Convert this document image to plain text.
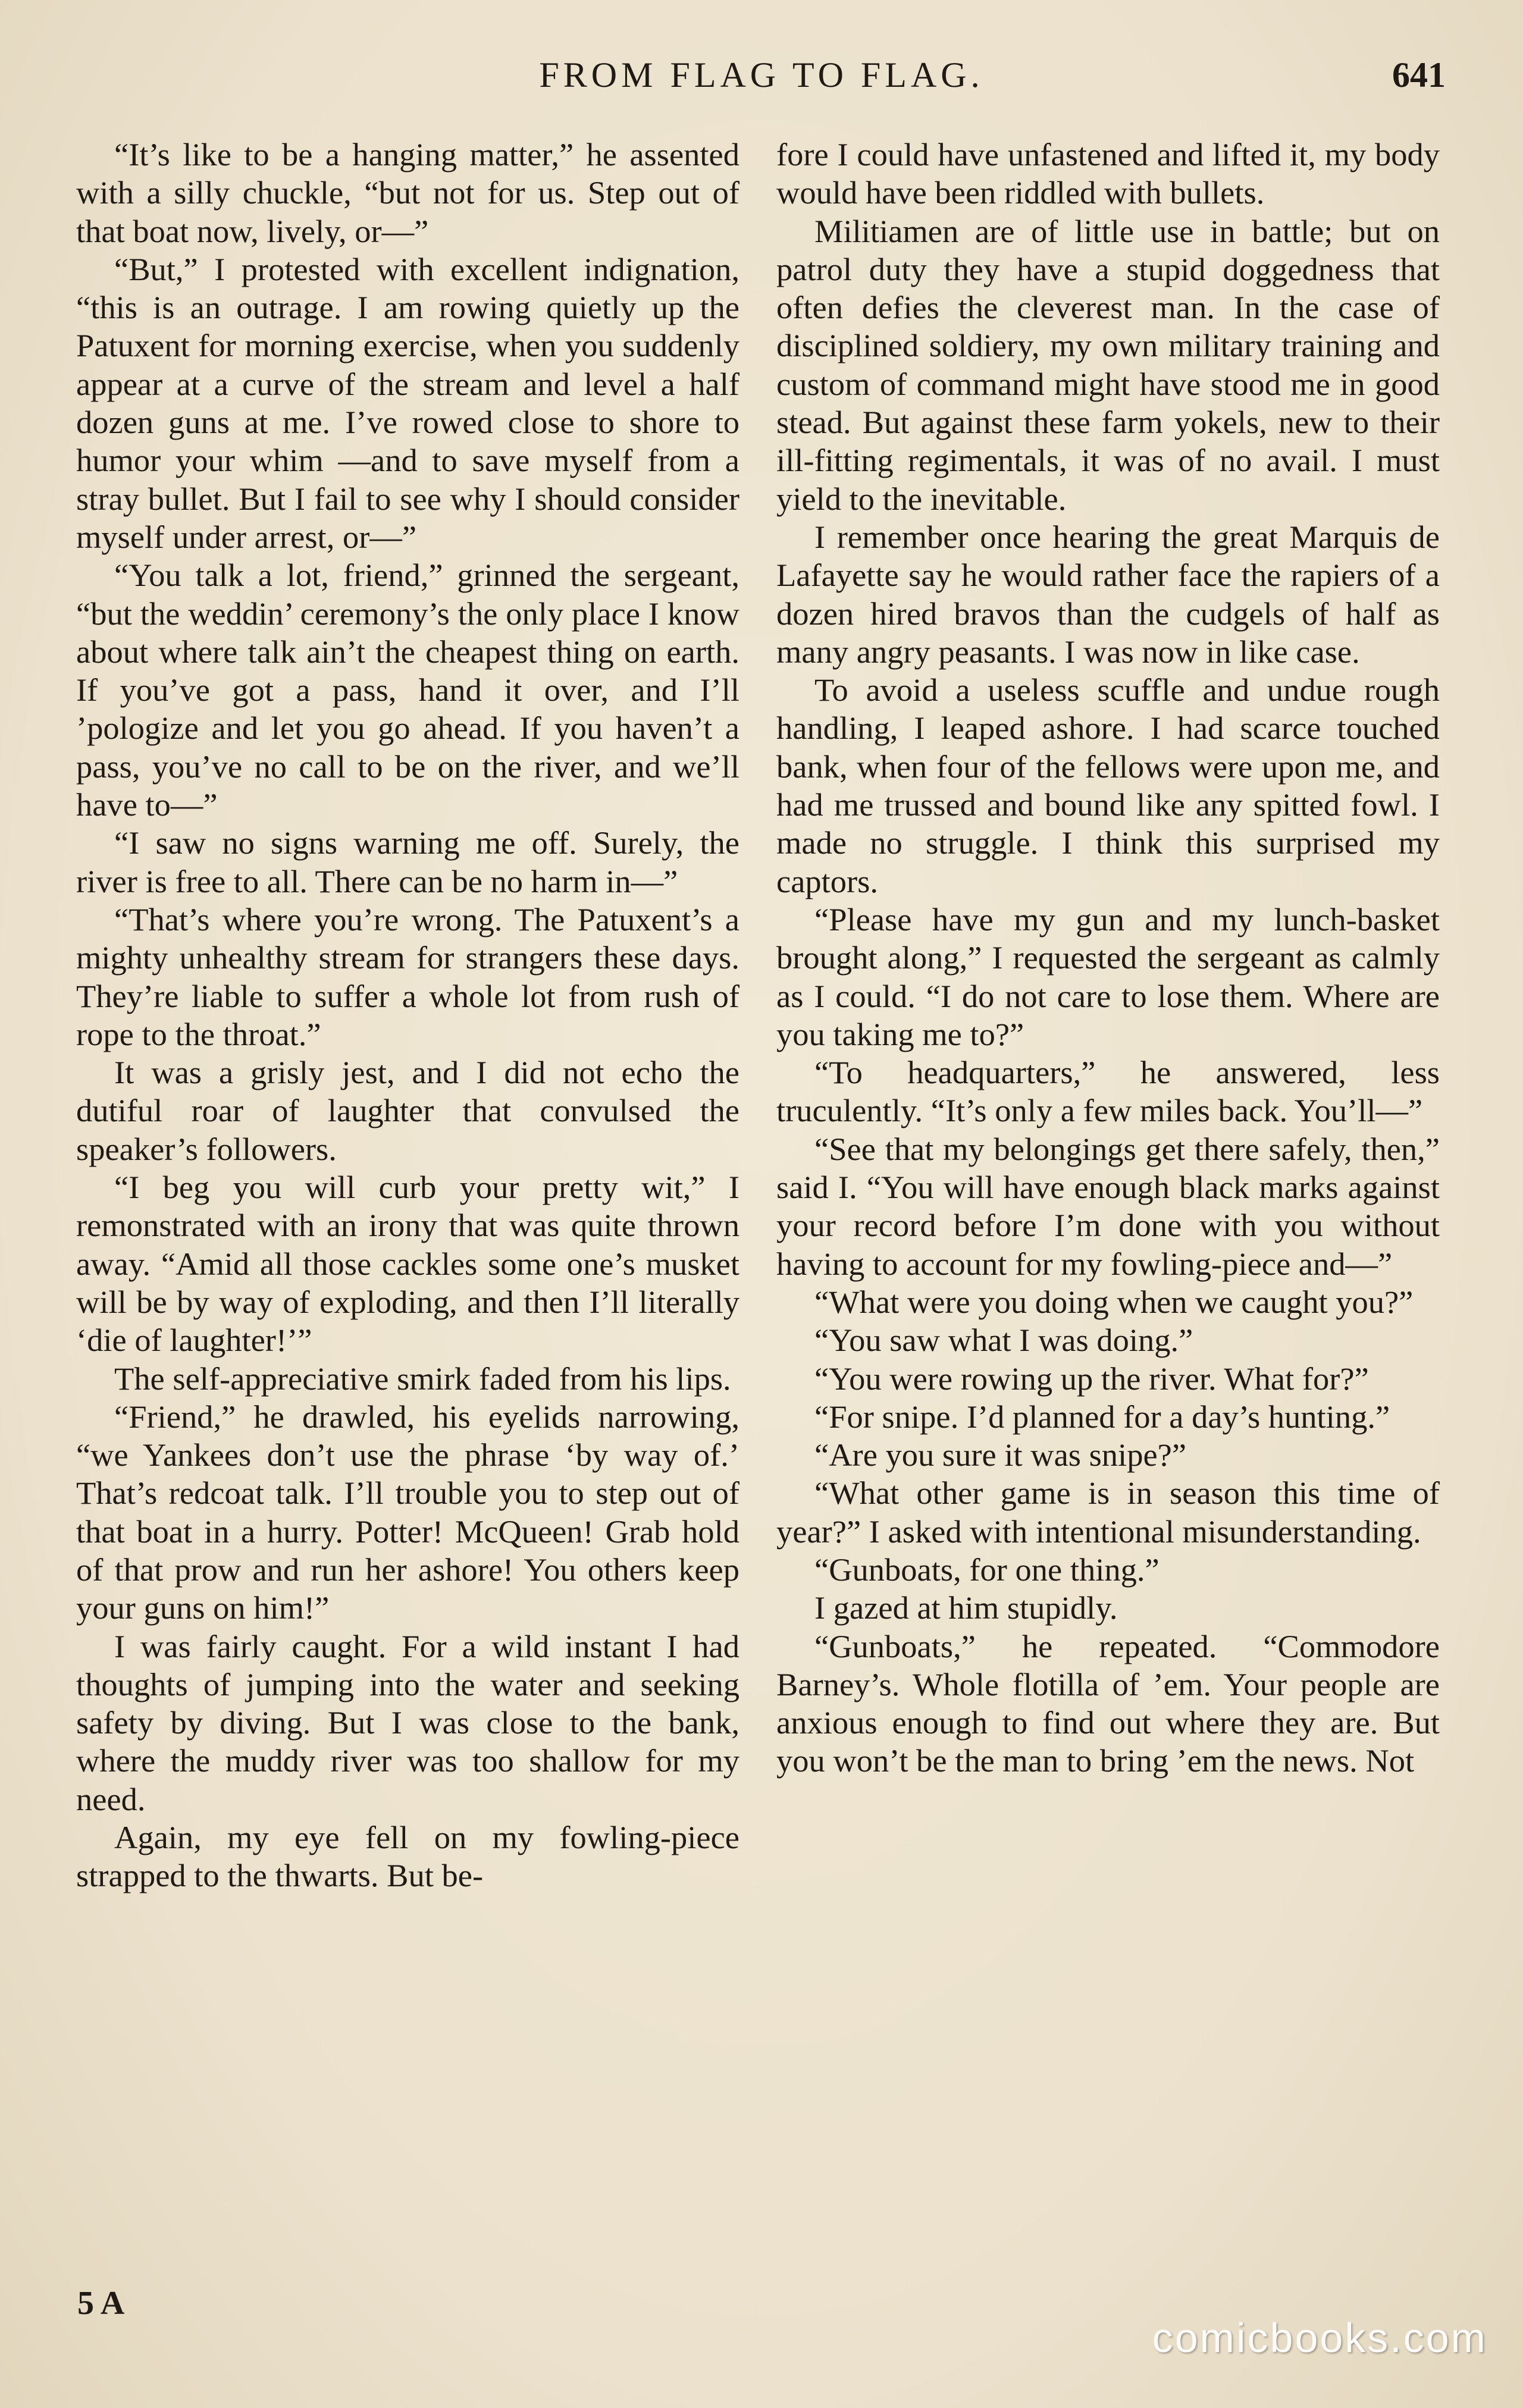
FROM FLAG TO FLAG.	641

“It’s like to be a hanging matter,” he assented with a silly chuckle, “but not for us. Step out of that boat now, lively, or—”

“But,” I protested with excellent indignation, “this is an outrage. I am rowing quietly up the Patuxent for morning exercise, when you suddenly appear at a curve of the stream and level a half dozen guns at me. I’ve rowed close to shore to humor your whim —and to save myself from a stray bullet. But I fail to see why I should consider myself under arrest, or—”

“You talk a lot, friend,” grinned the sergeant, “but the weddin’ ceremony’s the only place I know about where talk ain’t the cheapest thing on earth. If you’ve got a pass, hand it over, and I’ll ’pologize and let you go ahead. If you haven’t a pass, you’ve no call to be on the river, and we’ll have to—”

“I saw no signs warning me off. Surely, the river is free to all. There can be no harm in—”

“That’s where you’re wrong. The Patuxent’s a mighty unhealthy stream for strangers these days. They’re liable to suffer a whole lot from rush of rope to the throat.”

It was a grisly jest, and I did not echo the dutiful roar of laughter that convulsed the speaker’s followers.

“I beg you will curb your pretty wit,” I remonstrated with an irony that was quite thrown away. “Amid all those cackles some one’s musket will be by way of exploding, and then I’ll literally ‘die of laughter!’”

The self-appreciative smirk faded from his lips.

“Friend,” he drawled, his eyelids narrowing, “we Yankees don’t use the phrase ‘by way of.’ That’s redcoat talk. I’ll trouble you to step out of that boat in a hurry. Potter! McQueen! Grab hold of that prow and run her ashore! You others keep your guns on him!”

I was fairly caught. For a wild instant I had thoughts of jumping into the water and seeking safety by diving. But I was close to the bank, where the muddy river was too shallow for my need.

Again, my eye fell on my fowling-piece strapped to the thwarts. But be-

fore I could have unfastened and lifted it, my body would have been riddled with bullets.

Militiamen are of little use in battle; but on patrol duty they have a stupid doggedness that often defies the cleverest man. In the case of disciplined soldiery, my own military training and custom of command might have stood me in good stead. But against these farm yokels, new to their ill-fitting regimentals, it was of no avail. I must yield to the inevitable.

I remember once hearing the great Marquis de Lafayette say he would rather face the rapiers of a dozen hired bravos than the cudgels of half as many angry peasants. I was now in like case.

To avoid a useless scuffle and undue rough handling, I leaped ashore. I had scarce touched bank, when four of the fellows were upon me, and had me trussed and bound like any spitted fowl. I made no struggle. I think this surprised my captors.

“Please have my gun and my lunch-basket brought along,” I requested the sergeant as calmly as I could. “I do not care to lose them. Where are you taking me to?”

“To headquarters,” he answered, less truculently. “It’s only a few miles back. You’ll—”

“See that my belongings get there safely, then,” said I. “You will have enough black marks against your record before I’m done with you without having to account for my fowling-piece and—”

“What were you doing when we caught you?”

“You saw what I was doing.”

“You were rowing up the river. What for?”

“For snipe. I’d planned for a day’s hunting.”

“Are you sure it was snipe?”

“What other game is in season this time of year?” I asked with intentional misunderstanding.

“Gunboats, for one thing.”

I gazed at him stupidly.

“Gunboats,” he repeated. “Commodore Barney’s. Whole flotilla of ’em. Your people are anxious enough to find out where they are. But you won’t be the man to bring ’em the news. Not

5 A
comicbooks.com
